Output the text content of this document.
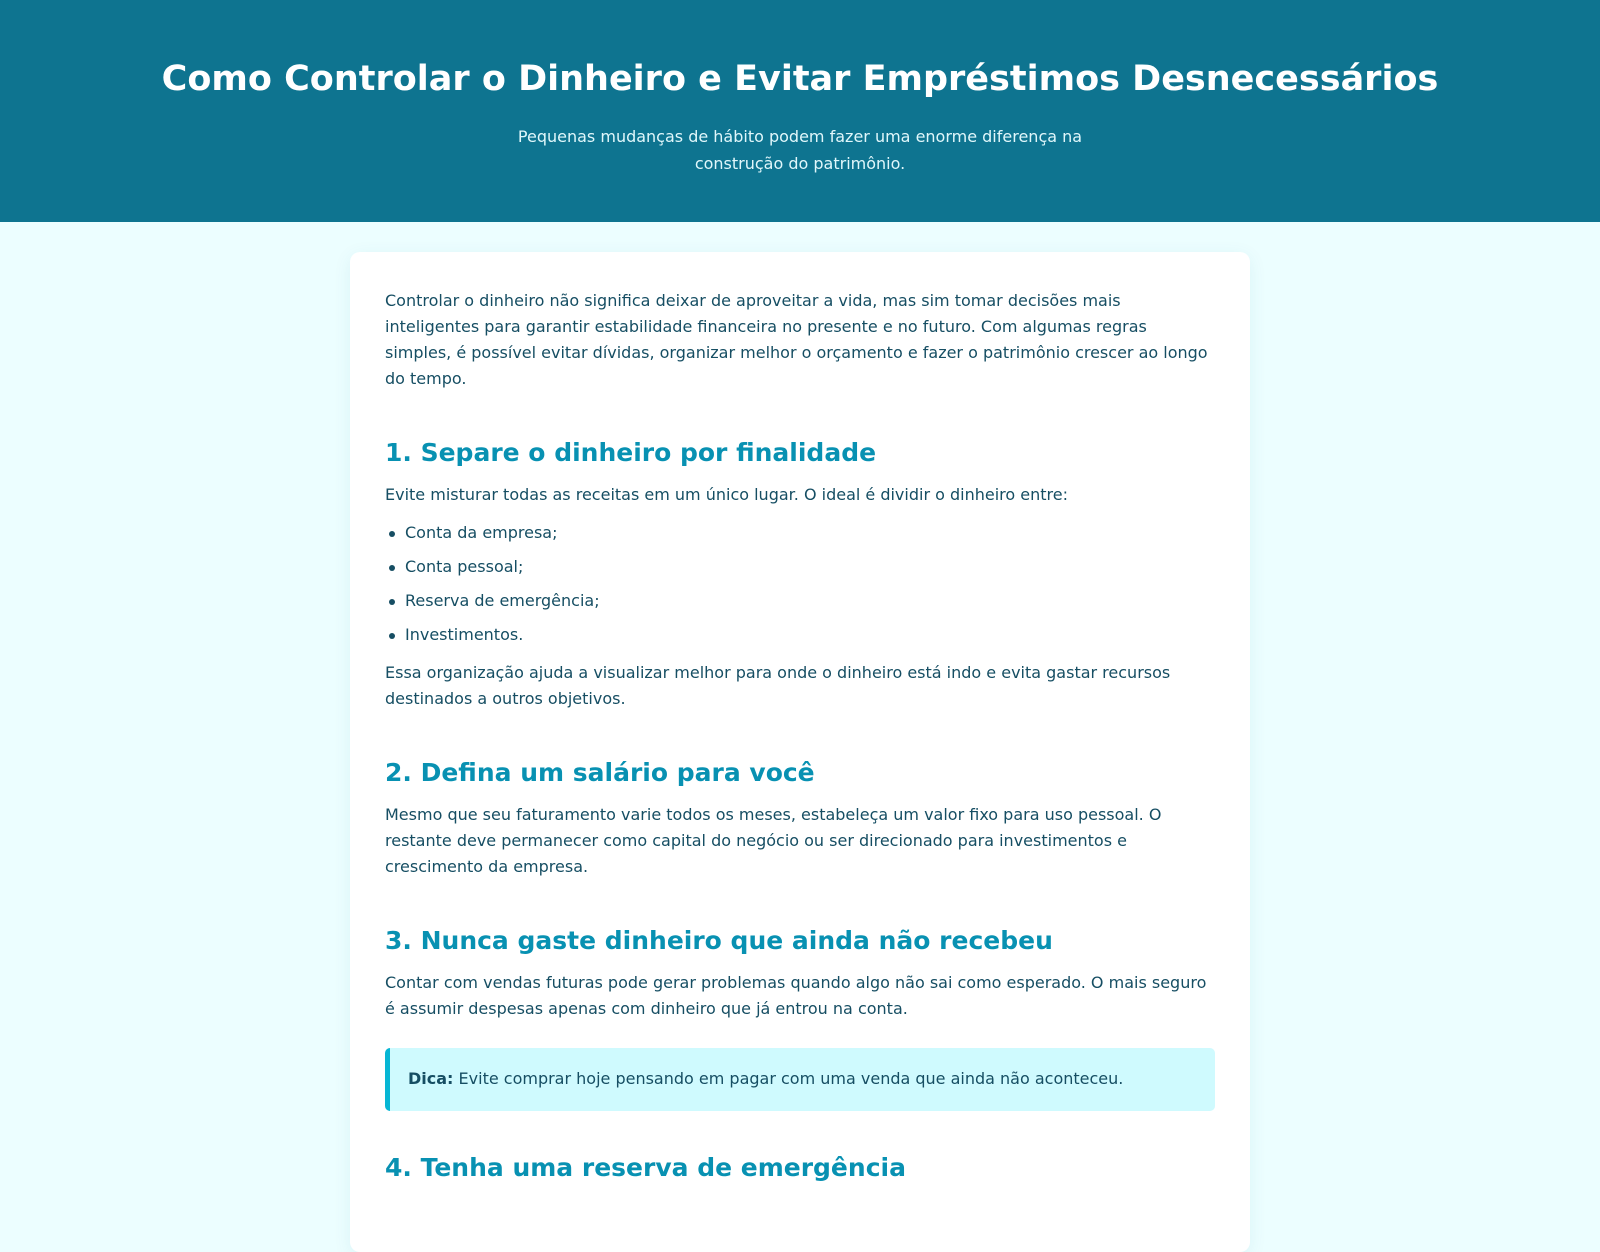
Como Controlar o Dinheiro e Evitar Empréstimos Desnecessários

Pequenas mudanças de hábito podem fazer uma enorme diferença na construção do patrimônio.

Controlar o dinheiro não significa deixar de aproveitar a vida, mas sim tomar decisões mais inteligentes para garantir estabilidade financeira no presente e no futuro. Com algumas regras simples, é possível evitar dívidas, organizar melhor o orçamento e fazer o patrimônio crescer ao longo do tempo.

1. Separe o dinheiro por finalidade

Evite misturar todas as receitas em um único lugar. O ideal é dividir o dinheiro entre:

Conta da empresa;
Conta pessoal;
Reserva de emergência;
Investimentos.

Essa organização ajuda a visualizar melhor para onde o dinheiro está indo e evita gastar recursos destinados a outros objetivos.

2. Defina um salário para você

Mesmo que seu faturamento varie todos os meses, estabeleça um valor fixo para uso pessoal. O restante deve permanecer como capital do negócio ou ser direcionado para investimentos e crescimento da empresa.

3. Nunca gaste dinheiro que ainda não recebeu

Contar com vendas futuras pode gerar problemas quando algo não sai como esperado. O mais seguro é assumir despesas apenas com dinheiro que já entrou na conta.

Dica: Evite comprar hoje pensando em pagar com uma venda que ainda não aconteceu.
4. Tenha uma reserva de emergência
